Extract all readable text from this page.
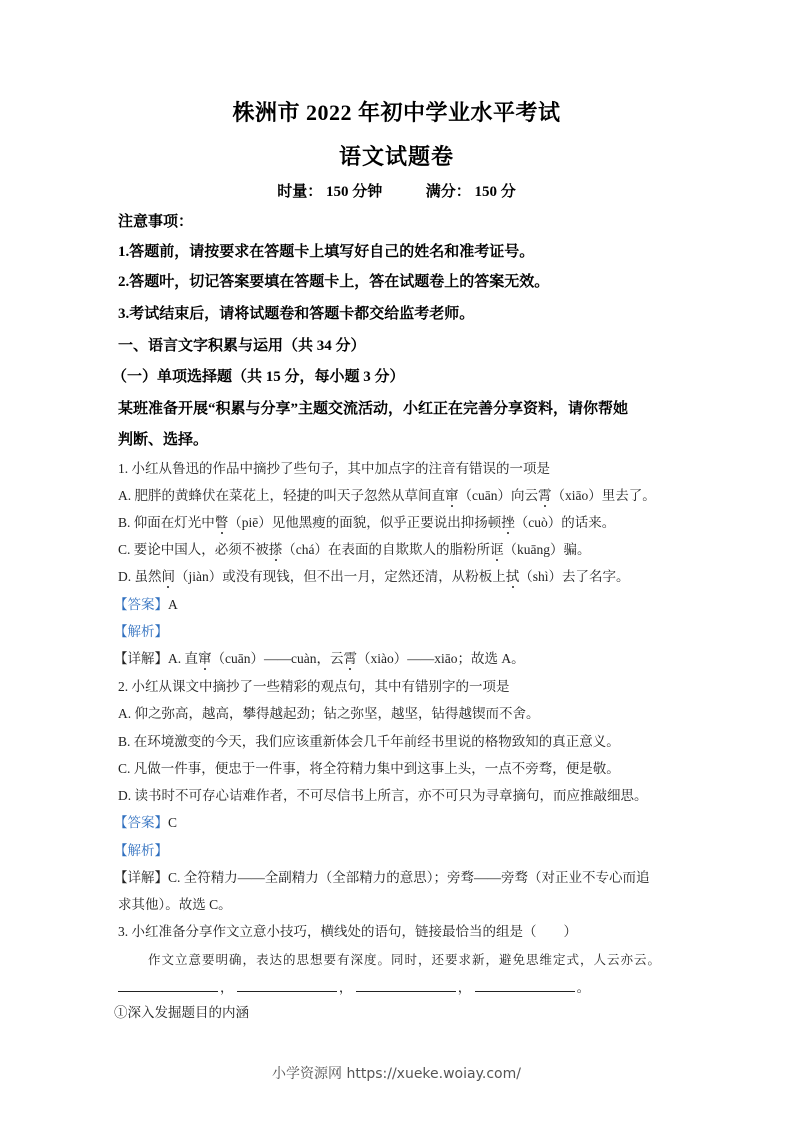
株洲市 2022 年初中学业水平考试
语文试题卷
时量： 150 分钟	满分： 150 分
注意事项：
1.答题前，请按要求在答题卡上填写好自己的姓名和准考证号。
2.答题叶，切记答案要填在答题卡上，答在试题卷上的答案无效。
3.考试结束后，请将试题卷和答题卡都交给监考老师。
一、语言文字积累与运用（共 34 分）
（一）单项选择题（共 15 分，每小题 3 分）
某班准备开展“积累与分享”主题交流活动，小红正在完善分享资料，请你帮她
判断、选择。
1. 小红从鲁迅的作品中摘抄了些句子，其中加点字的注音有错误的一项是
A. 肥胖的黄蜂伏在菜花上，轻捷的叫天子忽然从草间直窜（cuān）向云霄（xiāo）里去了。
B. 仰面在灯光中瞥（piē）见他黑瘦的面貌，似乎正要说出抑扬顿挫（cuò）的话来。
C. 要论中国人，必须不被搽（chá）在表面的自欺欺人的脂粉所诓（kuāng）骗。
D. 虽然间（jiàn）或没有现钱，但不出一月，定然还清，从粉板上拭（shì）去了名字。
【答案】A
【解析】
【详解】A. 直窜（cuān）——cuàn，云霄（xiào）——xiāo；故选 A。
2. 小红从课文中摘抄了一些精彩的观点句，其中有错别字的一项是
A. 仰之弥高，越高，攀得越起劲；钻之弥坚，越坚，钻得越锲而不舍。
B. 在环境激变的今天，我们应该重新体会几千年前经书里说的格物致知的真正意义。
C. 凡做一件事，便忠于一件事，将全符精力集中到这事上头，一点不旁骛，便是敬。
D. 读书时不可存心诘难作者，不可尽信书上所言，亦不可只为寻章摘句，而应推敲细思。
【答案】C
【解析】
【详解】C. 全符精力——全副精力（全部精力的意思）；旁骛——旁骛（对正业不专心而追
求其他）。故选 C。
3. 小红准备分享作文立意小技巧，横线处的语句，链接最恰当的组是（　　）
作文立意要明确，表达的思想要有深度。同时，还要求新，避免思维定式，人云亦云。
，	，	，	。
①深入发掘题目的内涵
小学资源网 https://xueke.woiay.com/
